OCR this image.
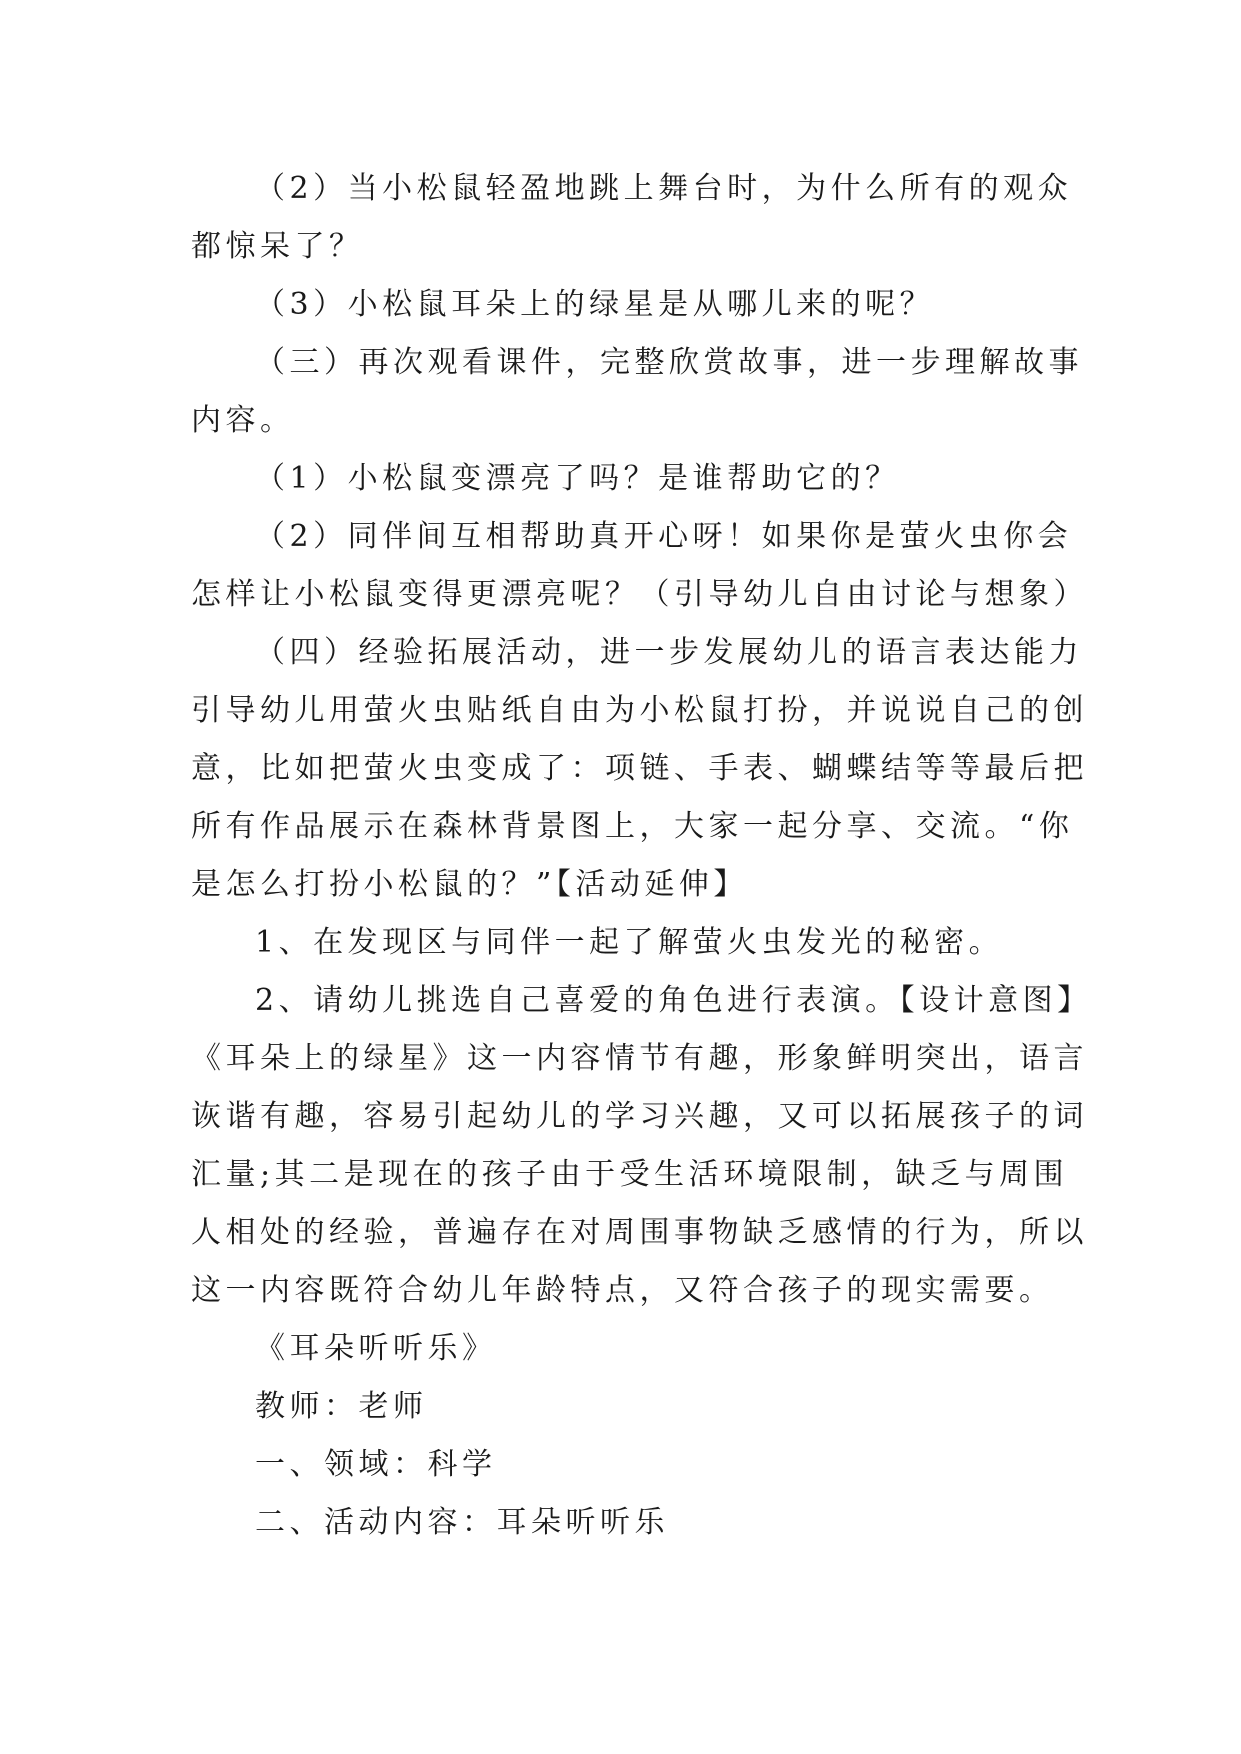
（2）当小松鼠轻盈地跳上舞台时，为什么所有的观众
都惊呆了？
（3）小松鼠耳朵上的绿星是从哪儿来的呢？
（三）再次观看课件，完整欣赏故事，进一步理解故事
内容。
（1）小松鼠变漂亮了吗？是谁帮助它的？
（2）同伴间互相帮助真开心呀！如果你是萤火虫你会
怎样让小松鼠变得更漂亮呢？（引导幼儿自由讨论与想象）
（四）经验拓展活动，进一步发展幼儿的语言表达能力
引导幼儿用萤火虫贴纸自由为小松鼠打扮，并说说自己的创
意，比如把萤火虫变成了：项链、手表、蝴蝶结等等最后把
所有作品展示在森林背景图上，大家一起分享、交流。“你
是怎么打扮小松鼠的？”【活动延伸】
1、在发现区与同伴一起了解萤火虫发光的秘密。
2、请幼儿挑选自己喜爱的角色进行表演。【设计意图】
《耳朵上的绿星》这一内容情节有趣，形象鲜明突出，语言
诙谐有趣，容易引起幼儿的学习兴趣，又可以拓展孩子的词
汇量;其二是现在的孩子由于受生活环境限制，缺乏与周围
人相处的经验，普遍存在对周围事物缺乏感情的行为，所以
这一内容既符合幼儿年龄特点，又符合孩子的现实需要。
《耳朵听听乐》
教师：老师
一、领域：科学
二、活动内容：耳朵听听乐
